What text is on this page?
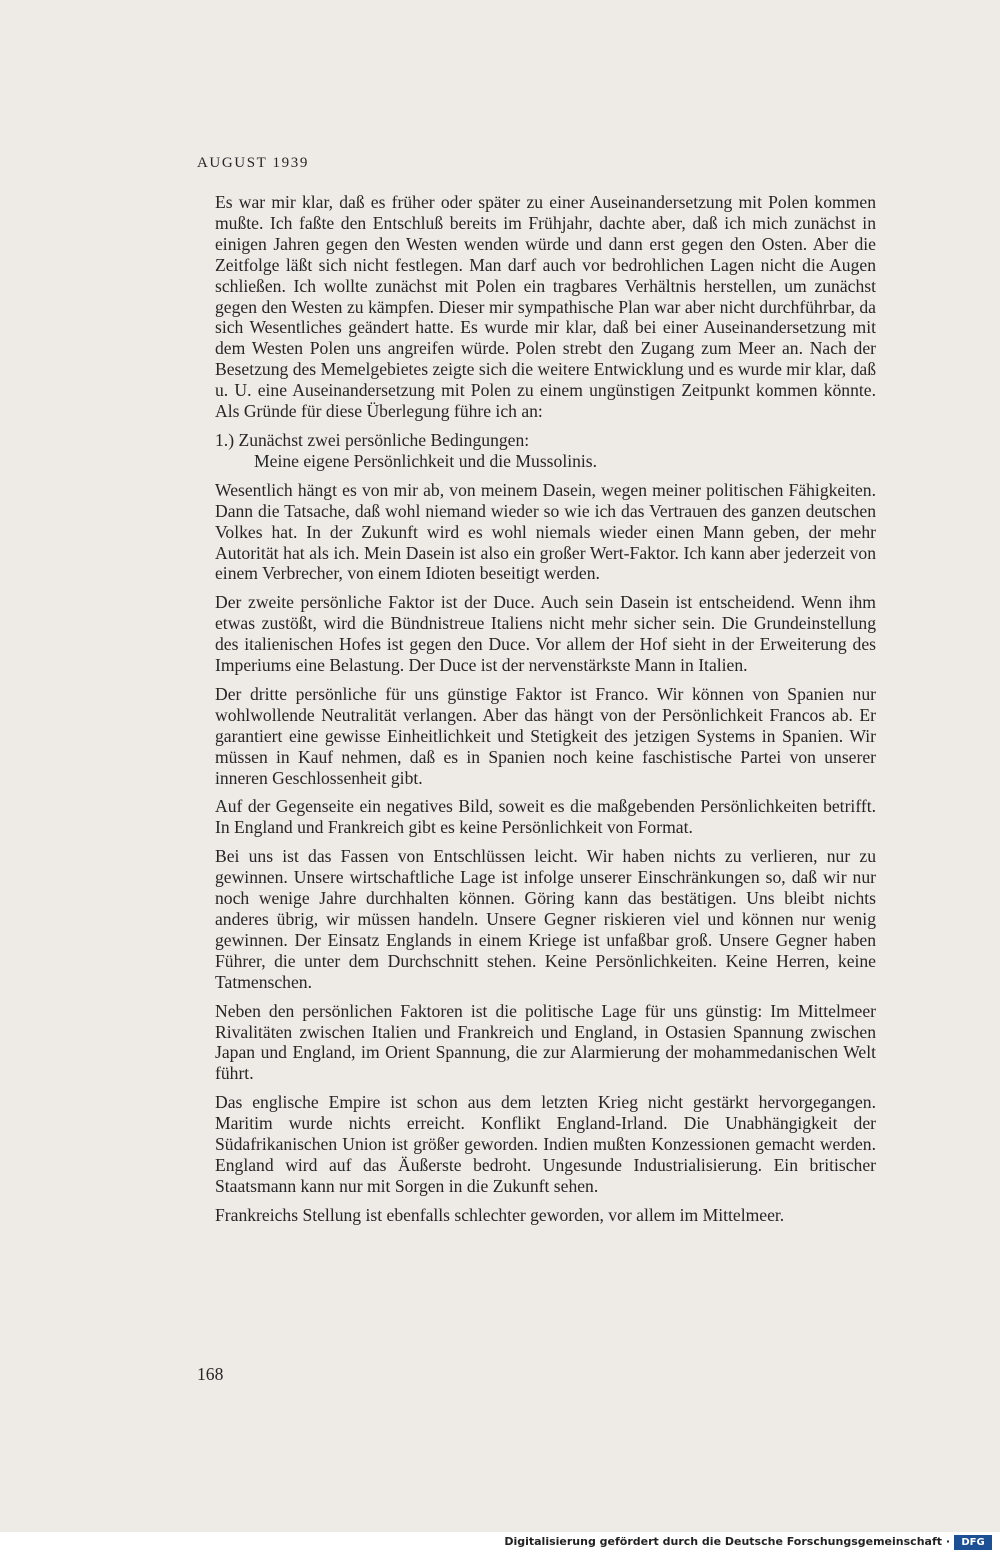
AUGUST 1939

Es war mir klar, daß es früher oder später zu einer Auseinandersetzung mit Polen kommen mußte. Ich faßte den Entschluß bereits im Frühjahr, dachte aber, daß ich mich zunächst in einigen Jahren gegen den Westen wenden würde und dann erst gegen den Osten. Aber die Zeitfolge läßt sich nicht festlegen. Man darf auch vor bedrohlichen Lagen nicht die Augen schließen. Ich wollte zunächst mit Polen ein tragbares Verhältnis herstellen, um zunächst gegen den Westen zu kämpfen. Dieser mir sympathische Plan war aber nicht durchführbar, da sich Wesentliches geändert hatte. Es wurde mir klar, daß bei einer Auseinandersetzung mit dem Westen Polen uns angreifen würde. Polen strebt den Zugang zum Meer an. Nach der Besetzung des Memelgebietes zeigte sich die weitere Entwicklung und es wurde mir klar, daß u. U. eine Auseinandersetzung mit Polen zu einem ungünstigen Zeitpunkt kommen könnte. Als Gründe für diese Überlegung führe ich an:

1.) Zunächst zwei persönliche Bedingungen:
Meine eigene Persönlichkeit und die Mussolinis.

Wesentlich hängt es von mir ab, von meinem Dasein, wegen meiner politischen Fähigkeiten. Dann die Tatsache, daß wohl niemand wieder so wie ich das Vertrauen des ganzen deutschen Volkes hat. In der Zukunft wird es wohl niemals wieder einen Mann geben, der mehr Autorität hat als ich. Mein Dasein ist also ein großer Wert-Faktor. Ich kann aber jederzeit von einem Verbrecher, von einem Idioten beseitigt werden.

Der zweite persönliche Faktor ist der Duce. Auch sein Dasein ist entscheidend. Wenn ihm etwas zustößt, wird die Bündnistreue Italiens nicht mehr sicher sein. Die Grundeinstellung des italienischen Hofes ist gegen den Duce. Vor allem der Hof sieht in der Erweiterung des Imperiums eine Belastung. Der Duce ist der nervenstärkste Mann in Italien.

Der dritte persönliche für uns günstige Faktor ist Franco. Wir können von Spanien nur wohlwollende Neutralität verlangen. Aber das hängt von der Persönlichkeit Francos ab. Er garantiert eine gewisse Einheitlichkeit und Stetigkeit des jetzigen Systems in Spanien. Wir müssen in Kauf nehmen, daß es in Spanien noch keine faschistische Partei von unserer inneren Geschlossenheit gibt.

Auf der Gegenseite ein negatives Bild, soweit es die maßgebenden Persönlichkeiten betrifft. In England und Frankreich gibt es keine Persönlichkeit von Format.

Bei uns ist das Fassen von Entschlüssen leicht. Wir haben nichts zu verlieren, nur zu gewinnen. Unsere wirtschaftliche Lage ist infolge unserer Einschränkungen so, daß wir nur noch wenige Jahre durchhalten können. Göring kann das bestätigen. Uns bleibt nichts anderes übrig, wir müssen handeln. Unsere Gegner riskieren viel und können nur wenig gewinnen. Der Einsatz Englands in einem Kriege ist unfaßbar groß. Unsere Gegner haben Führer, die unter dem Durchschnitt stehen. Keine Persönlichkeiten. Keine Herren, keine Tatmenschen.

Neben den persönlichen Faktoren ist die politische Lage für uns günstig: Im Mittelmeer Rivalitäten zwischen Italien und Frankreich und England, in Ostasien Spannung zwischen Japan und England, im Orient Spannung, die zur Alarmierung der mohammedanischen Welt führt.

Das englische Empire ist schon aus dem letzten Krieg nicht gestärkt hervorgegangen. Maritim wurde nichts erreicht. Konflikt England-Irland. Die Unabhängigkeit der Südafrikanischen Union ist größer geworden. Indien mußten Konzessionen gemacht werden. England wird auf das Äußerste bedroht. Ungesunde Industrialisierung. Ein britischer Staatsmann kann nur mit Sorgen in die Zukunft sehen.

Frankreichs Stellung ist ebenfalls schlechter geworden, vor allem im Mittelmeer.

168
Digitalisierung gefördert durch die Deutsche Forschungsgemeinschaft ·	DFG
